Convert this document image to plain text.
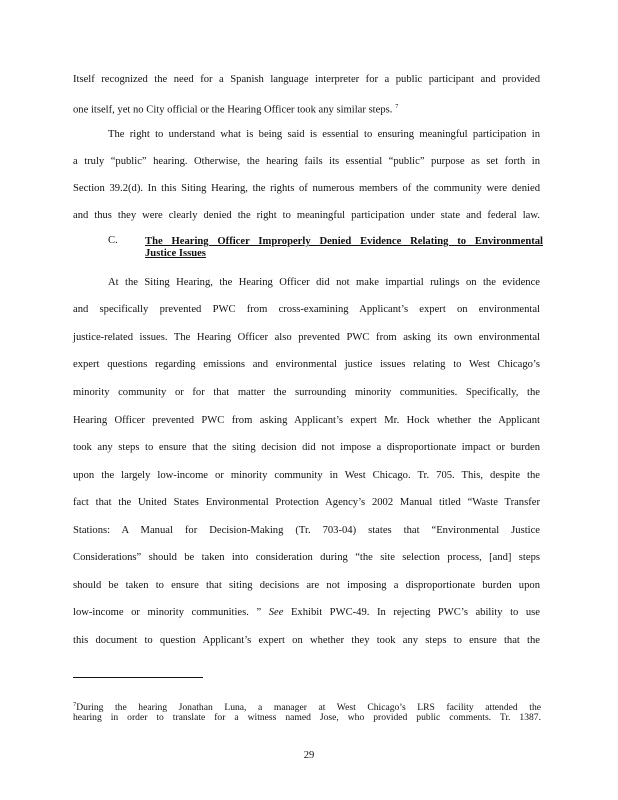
Itself recognized the need for a Spanish language interpreter for a public participant and provided
one itself, yet no City official or the Hearing Officer took any similar steps. $^7$
The right to understand what is being said is essential to ensuring meaningful participation in
a truly “public” hearing. Otherwise, the hearing fails its essential “public” purpose as set forth in
Section 39.2(d). In this Siting Hearing, the rights of numerous members of the community were denied
and thus they were clearly denied the right to meaningful participation under state and federal law.
C.	The Hearing Officer Improperly Denied Evidence Relating to Environmental
Justice Issues
At the Siting Hearing, the Hearing Officer did not make impartial rulings on the evidence
and specifically prevented PWC from cross-examining Applicant’s expert on environmental
justice-related issues. The Hearing Officer also prevented PWC from asking its own environmental
expert questions regarding emissions and environmental justice issues relating to West Chicago’s
minority community or for that matter the surrounding minority communities. Specifically, the
Hearing Officer prevented PWC from asking Applicant’s expert Mr. Hock whether the Applicant
took any steps to ensure that the siting decision did not impose a disproportionate impact or burden
upon the largely low-income or minority community in West Chicago. Tr. 705. This, despite the
fact that the United States Environmental Protection Agency’s 2002 Manual titled “Waste Transfer
Stations: A Manual for Decision-Making (Tr. 703-04) states that “Environmental Justice
Considerations” should be taken into consideration during “the site selection process, [and] steps
should be taken to ensure that siting decisions are not imposing a disproportionate burden upon
low-income or minority communities. ” See Exhibit PWC-49. In rejecting PWC’s ability to use
this document to question Applicant’s expert on whether they took any steps to ensure that the
$^7$During the hearing Jonathan Luna, a manager at West Chicago’s LRS facility attended the
hearing in order to translate for a witness named Jose, who provided public comments. Tr. 1387.
29
